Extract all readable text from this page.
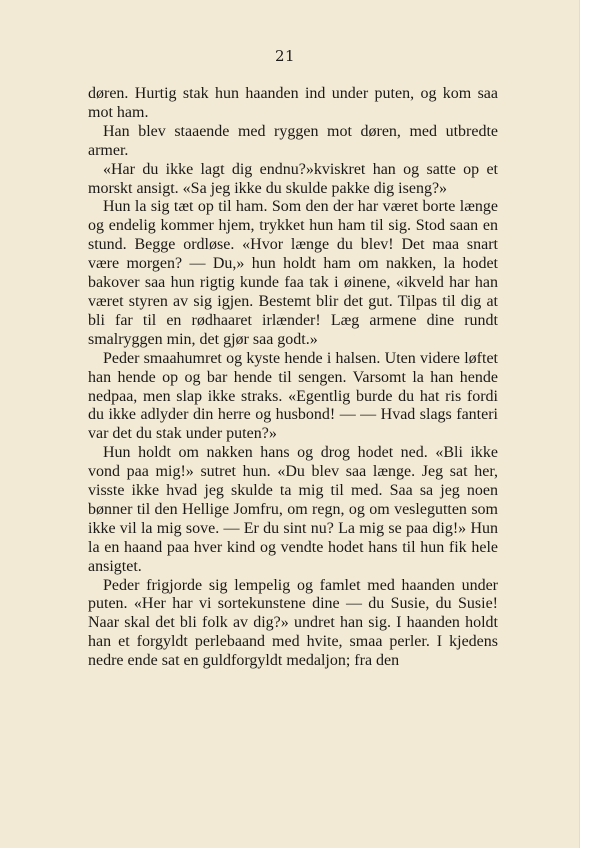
21

døren. Hurtig stak hun haanden ind under puten, og kom saa mot ham.

Han blev staaende med ryggen mot døren, med utbredte armer.

«Har du ikke lagt dig endnu?»kviskret han og satte op et morskt ansigt. «Sa jeg ikke du skulde pakke dig iseng?»

Hun la sig tæt op til ham. Som den der har været borte længe og endelig kommer hjem, trykket hun ham til sig. Stod saan en stund. Begge ordløse. «Hvor længe du blev! Det maa snart være morgen? — Du,» hun holdt ham om nakken, la hodet bakover saa hun rigtig kunde faa tak i øinene, «ikveld har han været styren av sig igjen. Bestemt blir det gut. Tilpas til dig at bli far til en rødhaaret irlænder! Læg armene dine rundt smalryggen min, det gjør saa godt.»

Peder smaahumret og kyste hende i halsen. Uten videre løftet han hende op og bar hende til sengen. Varsomt la han hende nedpaa, men slap ikke straks. «Egentlig burde du hat ris fordi du ikke adlyder din herre og husbond! — — Hvad slags fanteri var det du stak under puten?»

Hun holdt om nakken hans og drog hodet ned. «Bli ikke vond paa mig!» sutret hun. «Du blev saa længe. Jeg sat her, visste ikke hvad jeg skulde ta mig til med. Saa sa jeg noen bønner til den Hellige Jomfru, om regn, og om veslegutten som ikke vil la mig sove. — Er du sint nu? La mig se paa dig!» Hun la en haand paa hver kind og vendte hodet hans til hun fik hele ansigtet.

Peder frigjorde sig lempelig og famlet med haanden under puten. «Her har vi sortekunstene dine — du Susie, du Susie! Naar skal det bli folk av dig?» undret han sig. I haanden holdt han et forgyldt perlebaand med hvite, smaa perler. I kjedens nedre ende sat en guldforgyldt medaljon; fra den
